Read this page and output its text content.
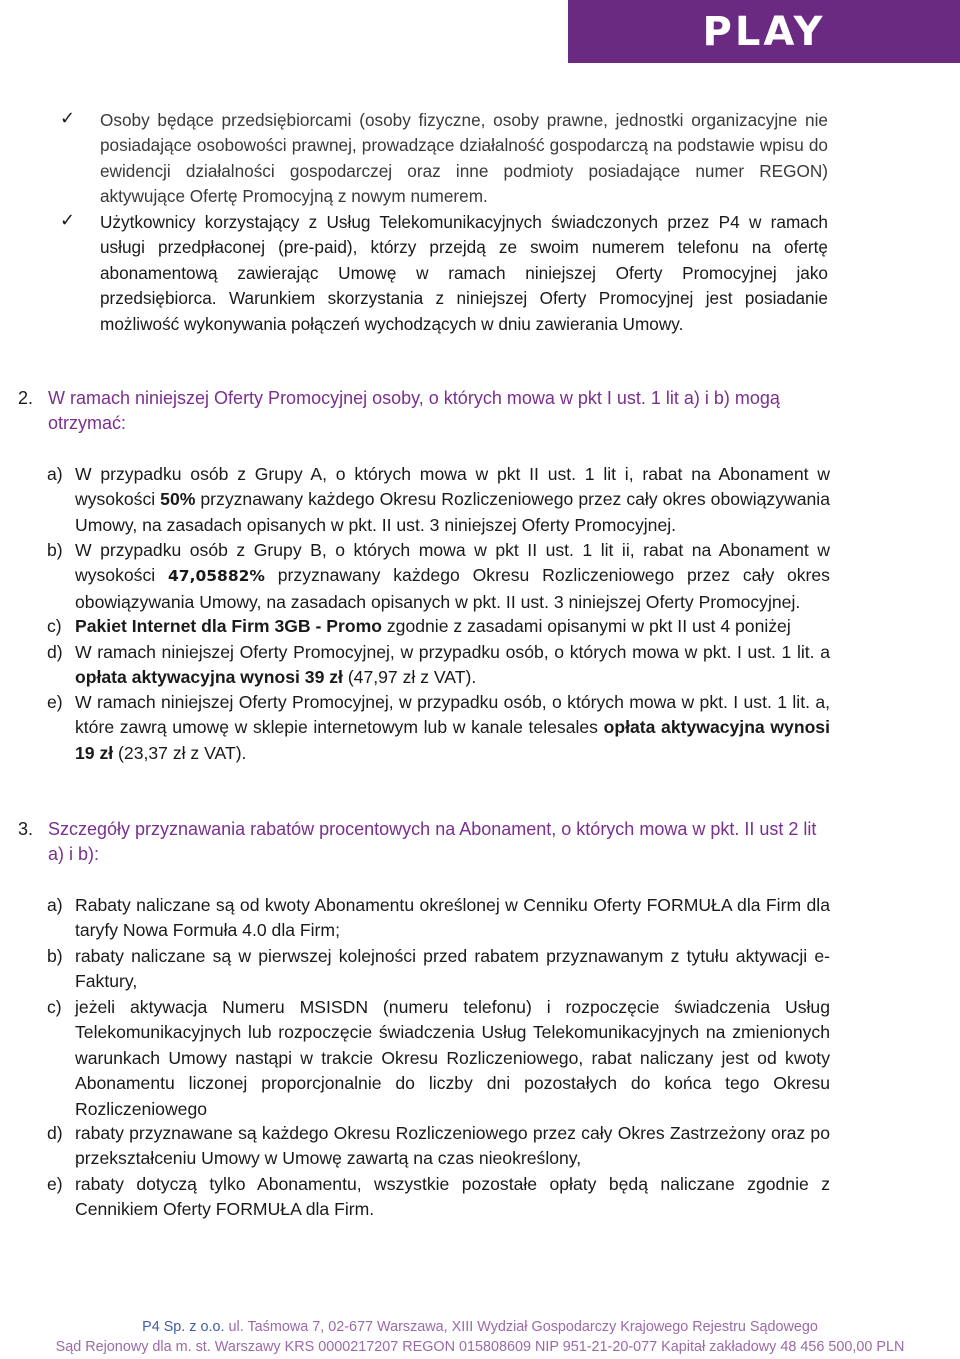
PLAY
✓	Osoby będące przedsiębiorcami (osoby fizyczne, osoby prawne, jednostki organizacyjne nie posiadające osobowości prawnej, prowadzące działalność gospodarczą na podstawie wpisu do ewidencji działalności gospodarczej oraz inne podmioty posiadające numer REGON) aktywujące Ofertę Promocyjną z nowym numerem.
✓	Użytkownicy korzystający z Usług Telekomunikacyjnych świadczonych przez P4 w ramach usługi przedpłaconej (pre-paid), którzy przejdą ze swoim numerem telefonu na ofertę abonamentową zawierając Umowę w ramach niniejszej Oferty Promocyjnej jako przedsiębiorca. Warunkiem skorzystania z niniejszej Oferty Promocyjnej jest posiadanie możliwość wykonywania połączeń wychodzących w dniu zawierania Umowy.
2. W ramach niniejszej Oferty Promocyjnej osoby, o których mowa w pkt I ust. 1 lit a) i b) mogą otrzymać:
a) W przypadku osób z Grupy A, o których mowa w pkt II ust. 1 lit i, rabat na Abonament w wysokości 50% przyznawany każdego Okresu Rozliczeniowego przez cały okres obowiązywania Umowy, na zasadach opisanych w pkt. II ust. 3 niniejszej Oferty Promocyjnej.
b) W przypadku osób z Grupy B, o których mowa w pkt II ust. 1 lit ii, rabat na Abonament w wysokości 47,05882% przyznawany każdego Okresu Rozliczeniowego przez cały okres obowiązywania Umowy, na zasadach opisanych w pkt. II ust. 3 niniejszej Oferty Promocyjnej.
c) Pakiet Internet dla Firm 3GB - Promo zgodnie z zasadami opisanymi w pkt II ust 4 poniżej
d) W ramach niniejszej Oferty Promocyjnej, w przypadku osób, o których mowa w pkt. I ust. 1 lit. a opłata aktywacyjna wynosi 39 zł (47,97 zł z VAT).
e) W ramach niniejszej Oferty Promocyjnej, w przypadku osób, o których mowa w pkt. I ust. 1 lit. a, które zawrą umowę w sklepie internetowym lub w kanale telesales opłata aktywacyjna wynosi 19 zł (23,37 zł z VAT).
3. Szczegóły przyznawania rabatów procentowych na Abonament, o których mowa w pkt. II ust 2 lit a) i b):
a) Rabaty naliczane są od kwoty Abonamentu określonej w Cenniku Oferty FORMUŁA dla Firm dla taryfy Nowa Formuła 4.0 dla Firm;
b) rabaty naliczane są w pierwszej kolejności przed rabatem przyznawanym z tytułu aktywacji e-Faktury,
c) jeżeli aktywacja Numeru MSISDN (numeru telefonu) i rozpoczęcie świadczenia Usług Telekomunikacyjnych lub rozpoczęcie świadczenia Usług Telekomunikacyjnych na zmienionych warunkach Umowy nastąpi w trakcie Okresu Rozliczeniowego, rabat naliczany jest od kwoty Abonamentu liczonej proporcjonalnie do liczby dni pozostałych do końca tego Okresu Rozliczeniowego
d) rabaty przyznawane są każdego Okresu Rozliczeniowego przez cały Okres Zastrzeżony oraz po przekształceniu Umowy w Umowę zawartą na czas nieokreślony,
e) rabaty dotyczą tylko Abonamentu, wszystkie pozostałe opłaty będą naliczane zgodnie z Cennikiem Oferty FORMUŁA dla Firm.
P4 Sp. z o.o. ul. Taśmowa 7, 02-677 Warszawa, XIII Wydział Gospodarczy Krajowego Rejestru Sądowego
Sąd Rejonowy dla m. st. Warszawy KRS 0000217207 REGON 015808609 NIP 951-21-20-077 Kapitał zakładowy 48 456 500,00 PLN
